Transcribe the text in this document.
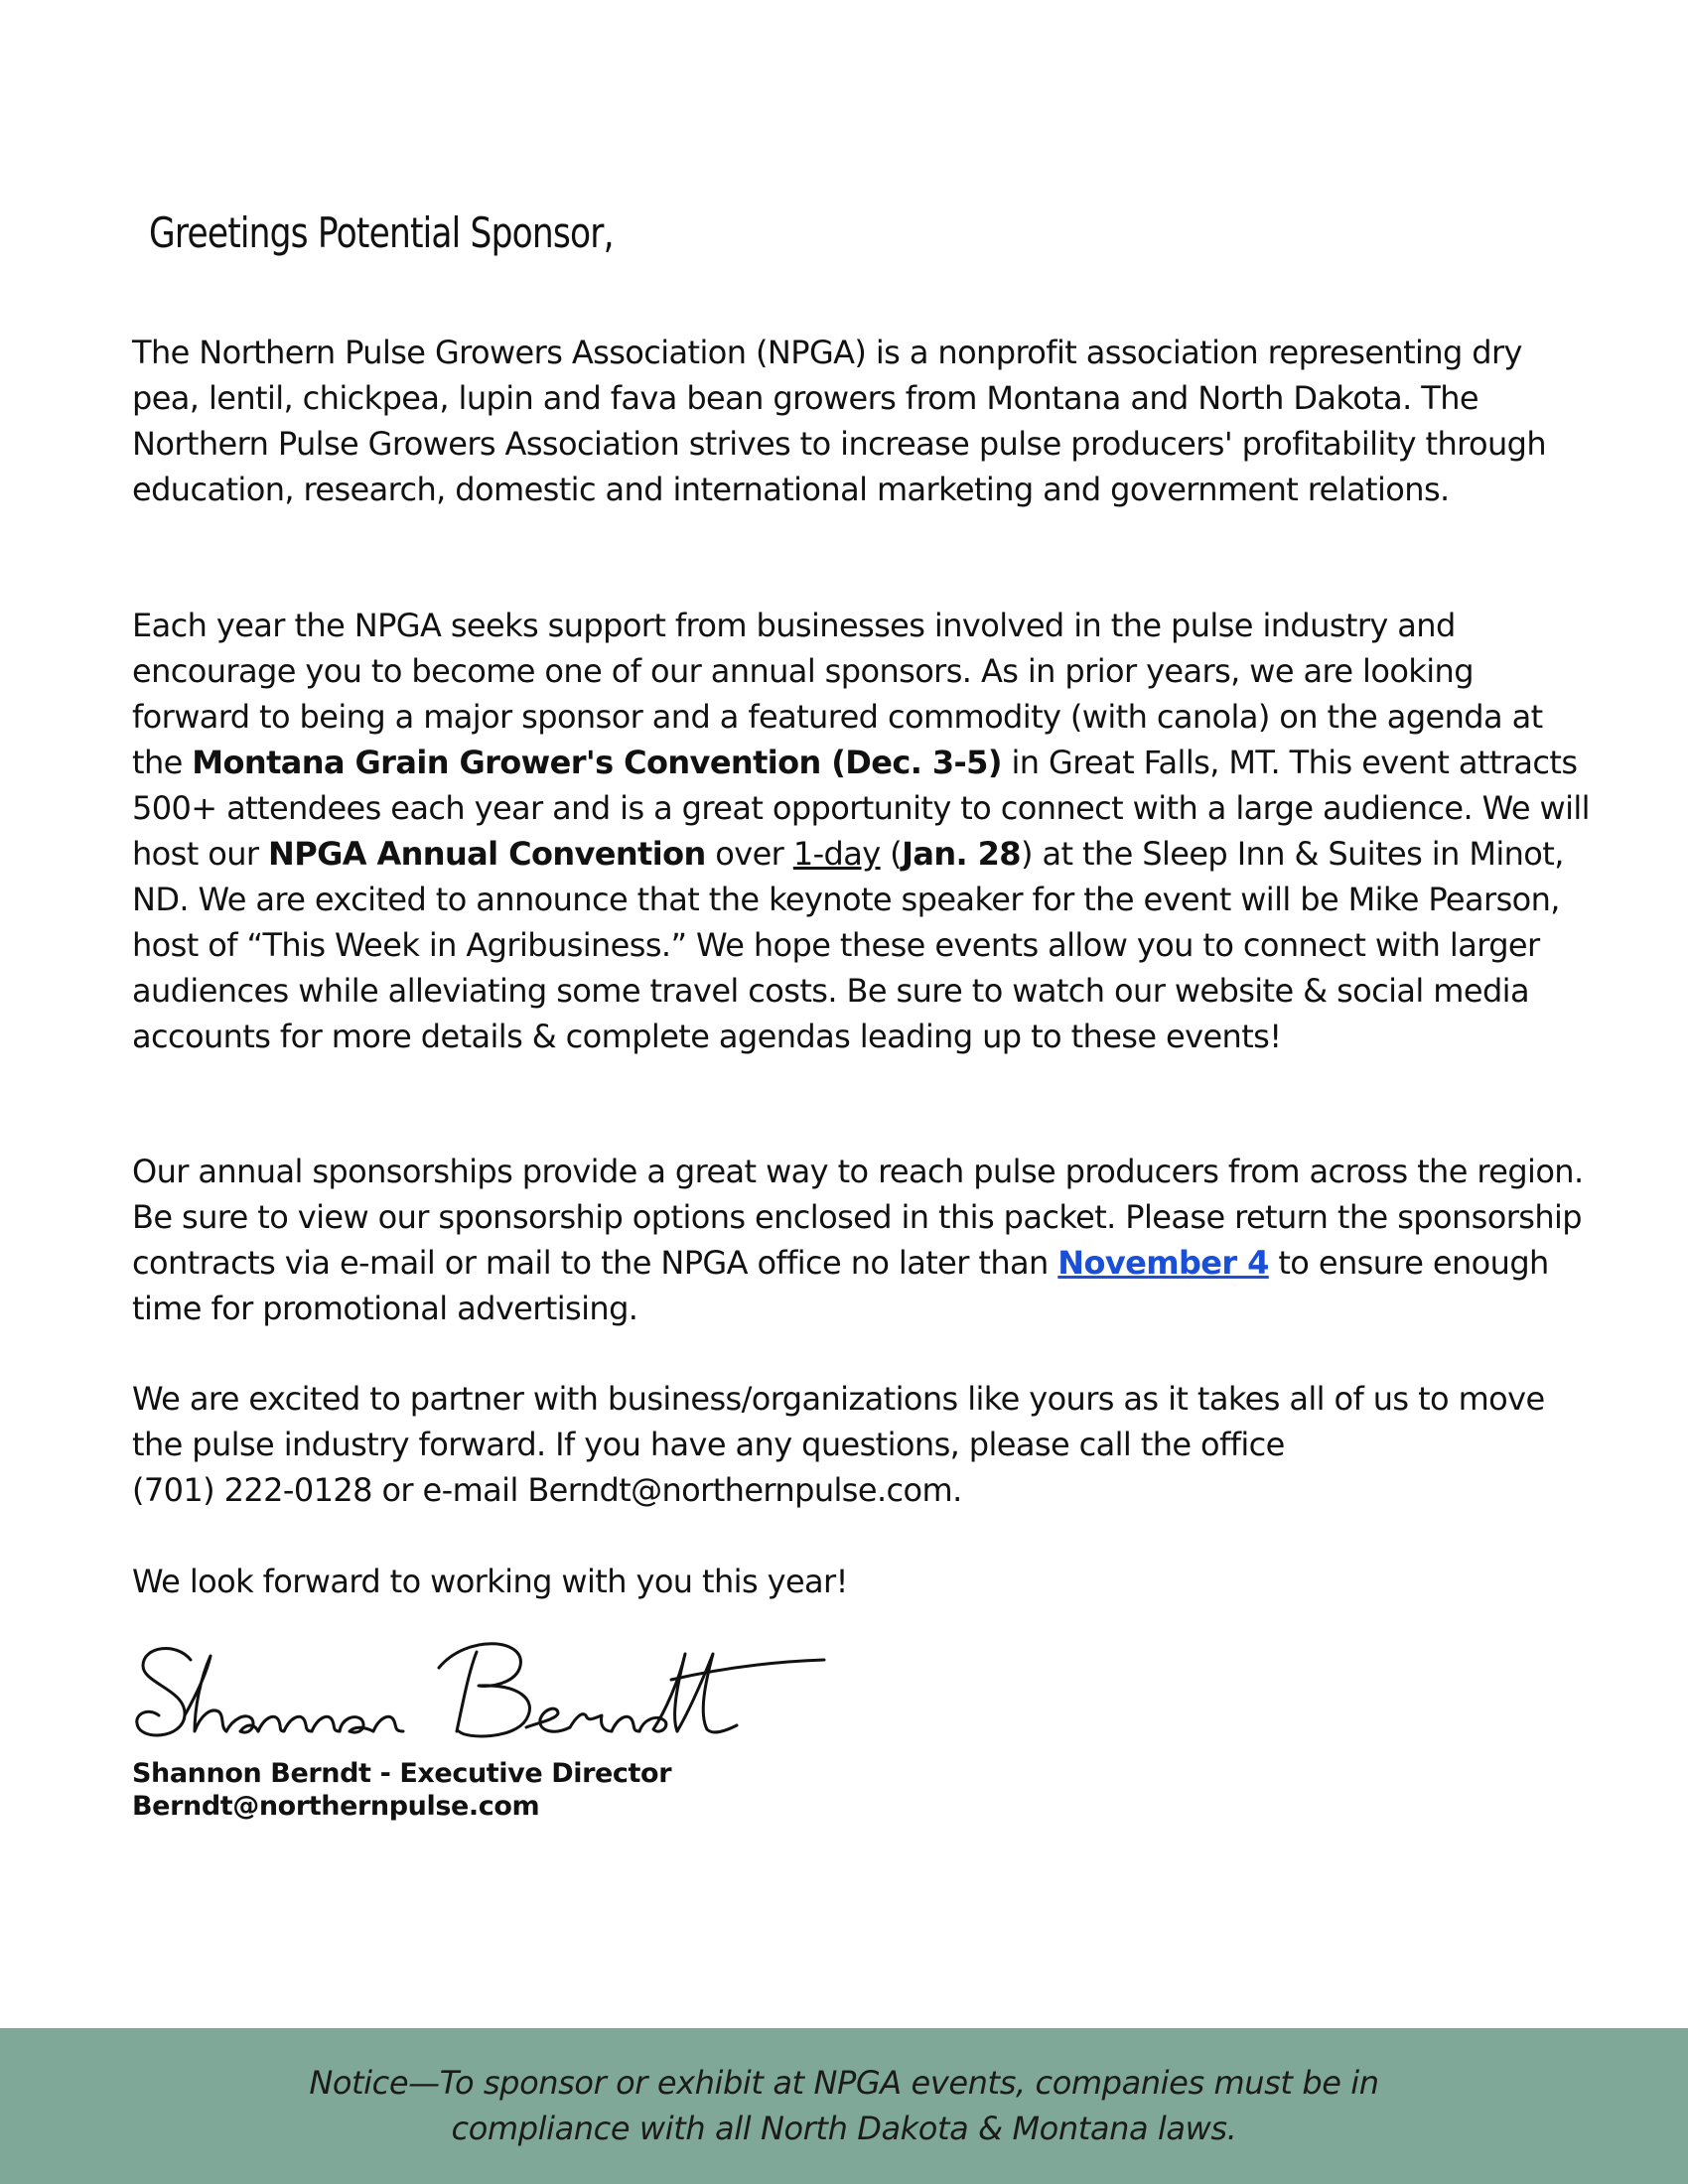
Greetings Potential Sponsor,

The Northern Pulse Growers Association (NPGA) is a nonprofit association representing dry pea, lentil, chickpea, lupin and fava bean growers from Montana and North Dakota. The Northern Pulse Growers Association strives to increase pulse producers' profitability through education, research, domestic and international marketing and government relations.

Each year the NPGA seeks support from businesses involved in the pulse industry and encourage you to become one of our annual sponsors. As in prior years, we are looking forward to being a major sponsor and a featured commodity (with canola) on the agenda at the Montana Grain Grower's Convention (Dec. 3-5) in Great Falls, MT. This event attracts 500+ attendees each year and is a great opportunity to connect with a large audience. We will host our NPGA Annual Convention over 1-day (Jan. 28) at the Sleep Inn & Suites in Minot, ND. We are excited to announce that the keynote speaker for the event will be Mike Pearson, host of “This Week in Agribusiness.” We hope these events allow you to connect with larger audiences while alleviating some travel costs. Be sure to watch our website & social media accounts for more details & complete agendas leading up to these events!

Our annual sponsorships provide a great way to reach pulse producers from across the region. Be sure to view our sponsorship options enclosed in this packet. Please return the sponsorship contracts via e-mail or mail to the NPGA office no later than November 4 to ensure enough time for promotional advertising.

We are excited to partner with business/organizations like yours as it takes all of us to move the pulse industry forward. If you have any questions, please call the office
(701) 222-0128 or e-mail Berndt@northernpulse.com.

We look forward to working with you this year!

Shannon Berndt - Executive Director
Berndt@northernpulse.com
Notice—To sponsor or exhibit at NPGA events, companies must be in
compliance with all North Dakota & Montana laws.
